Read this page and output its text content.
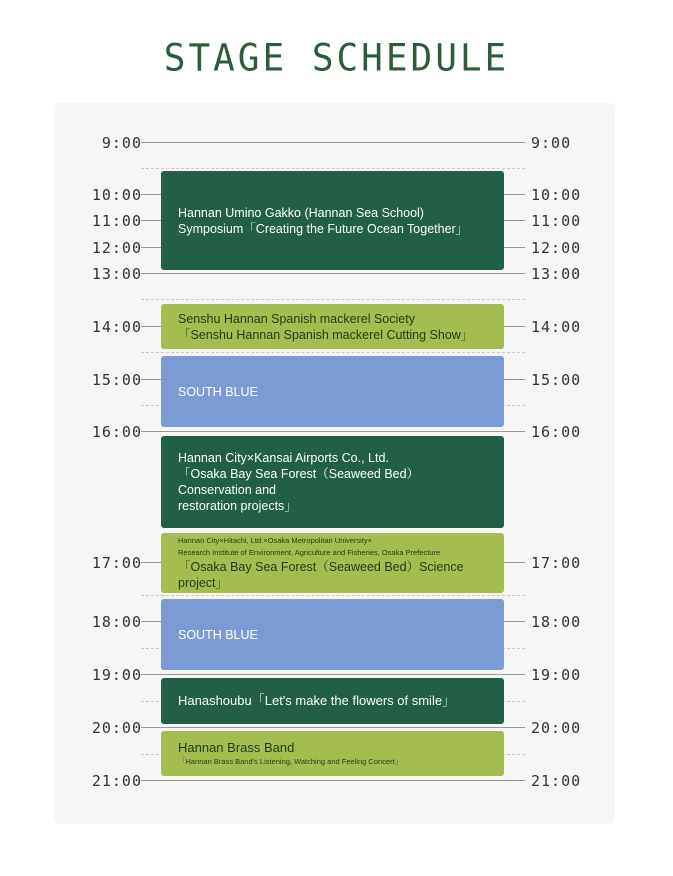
STAGE SCHEDULE
9:00
10:00
11:00
12:00
13:00
14:00
15:00
16:00
17:00
18:00
19:00
20:00
21:00
9:00
10:00
11:00
12:00
13:00
14:00
15:00
16:00
17:00
18:00
19:00
20:00
21:00
Hannan Umino Gakko (Hannan Sea School)
Symposium「Creating the Future Ocean Together」
Senshu Hannan Spanish mackerel Society
「Senshu Hannan Spanish mackerel Cutting Show」
SOUTH BLUE
Hannan City×Kansai Airports Co., Ltd.
「Osaka Bay Sea Forest（Seaweed Bed）Conservation and
restoration projects」
Hannan City×Hitachi, Ltd.×Osaka Metropolitan University×
Research Institute of Environment, Agriculture and Fisheries, Osaka Prefecture
「Osaka Bay Sea Forest（Seaweed Bed）Science project」
SOUTH BLUE
Hanashoubu「Let's make the flowers of smile」
Hannan Brass Band
「Hannan Brass Band's Listening, Watching and Feeling Concert」
